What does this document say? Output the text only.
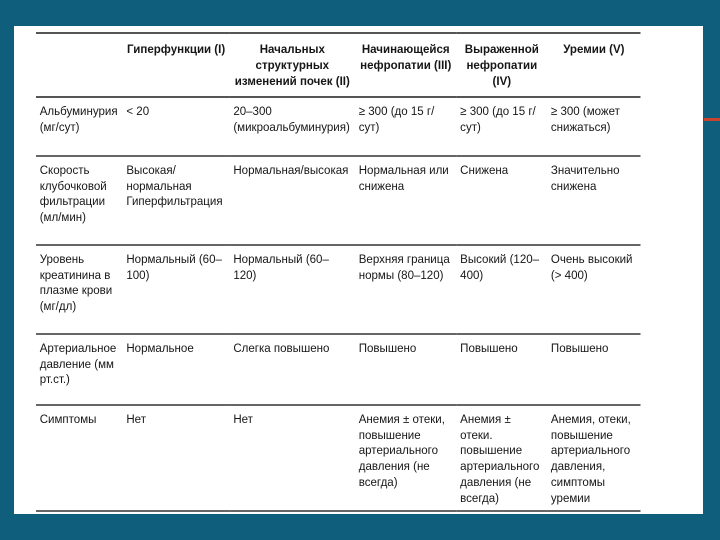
	Гиперфункции (I)	Начальных структурных изменений почек (II)	Начинающейся нефропатии (III)	Выраженной нефропатии (IV)	Уремии (V)
Альбуминурия (мг/сут)	< 20	20–300 (микроальбуминурия)	≥ 300 (до 15 г/сут)	≥ 300 (до 15 г/сут)	≥ 300 (может снижаться)
Скорость клубочковой фильтрации (мл/мин)	Высокая/ нормальная Гиперфильтрация	Нормальная/высокая	Нормальная или снижена	Снижена	Значительно снижена
Уровень креатинина в плазме крови (мг/дл)	Нормальный (60–100)	Нормальный (60–120)	Верхняя граница нормы (80–120)	Высокий (120–400)	Очень высокий (> 400)
Артериальное давление (мм рт.ст.)	Нормальное	Слегка повышено	Повышено	Повышено	Повышено
Симптомы	Нет	Нет	Анемия ± отеки, повышение артериального давления (не всегда)	Анемия ± отеки. повышение артериального давления (не всегда)	Анемия, отеки, повышение артериального давления, симптомы уремии
